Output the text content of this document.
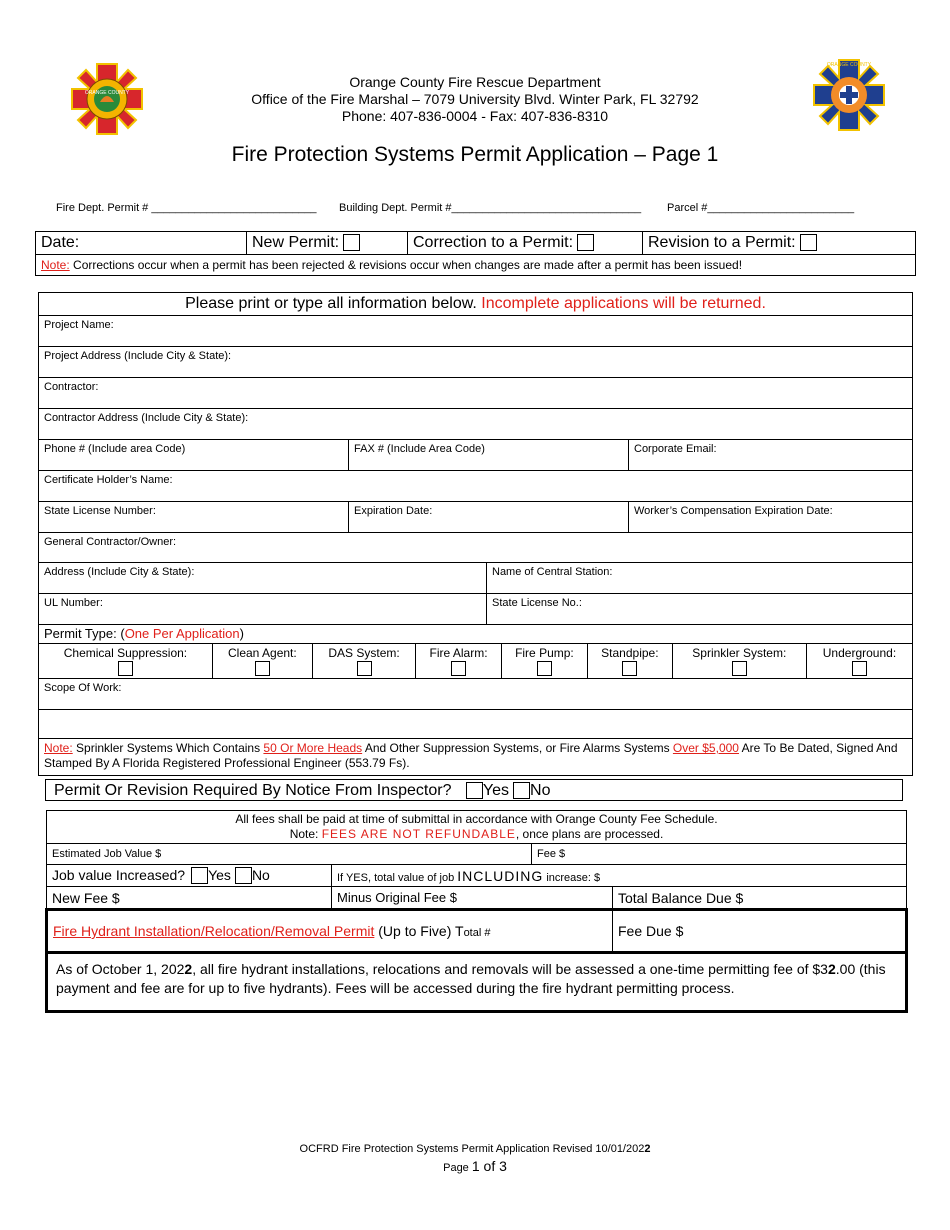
ORANGE COUNTY
ORANGE COUNTY
Orange County Fire Rescue Department
Office of the Fire Marshal – 7079 University Blvd. Winter Park, FL 32792
Phone: 407-836-0004 - Fax: 407-836-8310
Fire Protection Systems Permit Application – Page 1
Fire Dept. Permit # ___________________________ Building Dept. Permit #_______________________________ Parcel #________________________
Date:	New Permit:	Correction to a Permit:	Revision to a Permit:
Note: Corrections occur when a permit has been rejected & revisions occur when changes are made after a permit has been issued!
Please print or type all information below. Incomplete applications will be returned.
Project Name:
Project Address (Include City & State):
Contractor:
Contractor Address (Include City & State):
Phone # (Include area Code)	FAX # (Include Area Code)	Corporate Email:
Certificate Holder’s Name:
State License Number:	Expiration Date:	Worker’s Compensation Expiration Date:
General Contractor/Owner:
Address (Include City & State):	Name of Central Station:
UL Number:	State License No.:
Permit Type: (One Per Application)

Chemical Suppression:	Clean Agent:	DAS System:	Fire Alarm:	Fire Pump:	Standpipe:	Sprinkler System:	Underground:

Scope Of Work:

Note: Sprinkler Systems Which Contains 50 Or More Heads And Other Suppression Systems, or Fire Alarms Systems Over $5,000 Are To Be Dated, Signed And Stamped By A Florida Registered Professional Engineer (553.79 Fs).
Permit Or Revision Required By Notice From Inspector? Yes No
All fees shall be paid at time of submittal in accordance with Orange County Fee Schedule.
Note: FEES ARE NOT REFUNDABLE, once plans are processed.			

Estimated Job Value $		Fee $	
Job value Increased? Yes No	If YES, total value of job INCLUDING increase: $		
New Fee $	Minus Original Fee $		Total Balance Due $
Fire Hydrant Installation/Relocation/Removal Permit (Up to Five) Total #			Fee Due $
As of October 1, 2022, all fire hydrant installations, relocations and removals will be assessed a one-time permitting fee of $32.00 (this payment and fee are for up to five hydrants). Fees will be accessed during the fire hydrant permitting process.			
OCFRD Fire Protection Systems Permit Application Revised 10/01/2022
Page 1 of 3
